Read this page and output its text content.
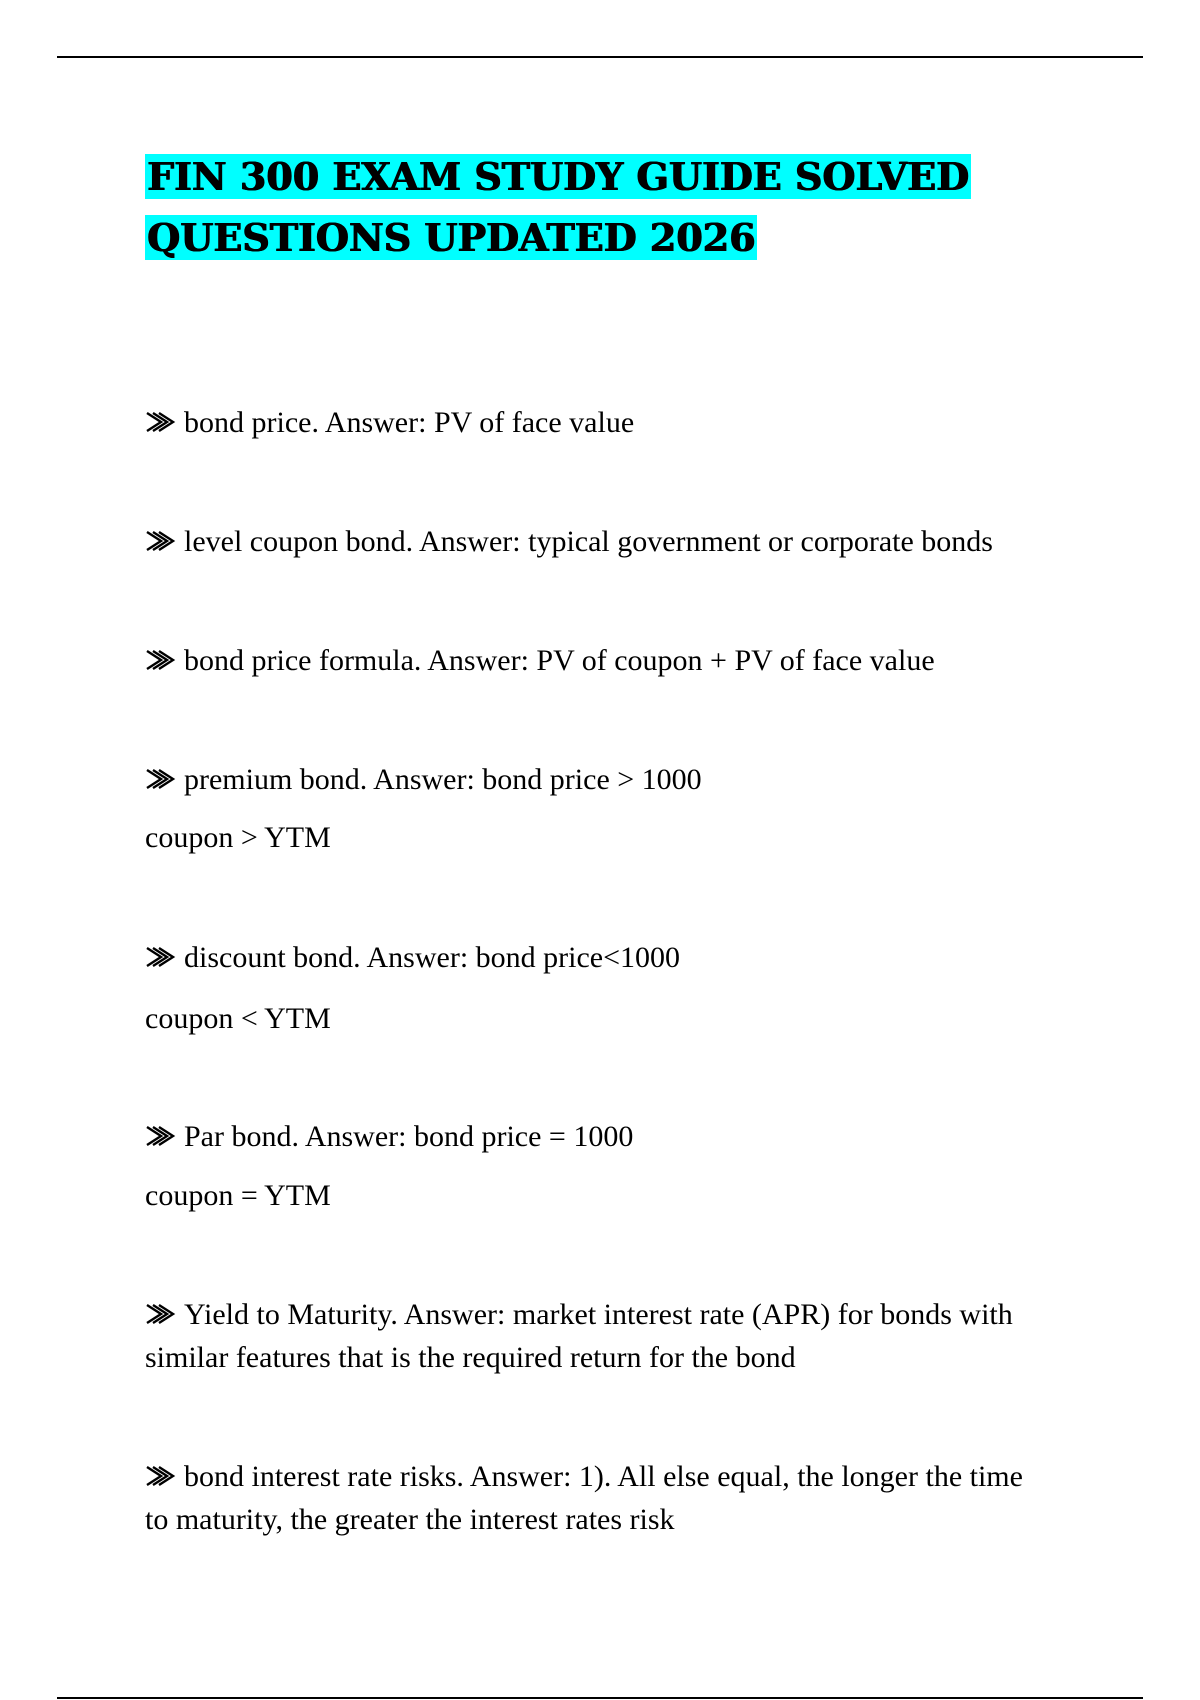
FIN 300 EXAM STUDY GUIDE SOLVED
QUESTIONS UPDATED 2026
bond price. Answer: PV of face value
level coupon bond. Answer: typical government or corporate bonds
bond price formula. Answer: PV of coupon + PV of face value
premium bond. Answer: bond price > 1000
coupon > YTM
discount bond. Answer: bond price<1000
coupon < YTM
Par bond. Answer: bond price = 1000
coupon = YTM
Yield to Maturity. Answer: market interest rate (APR) for bonds with similar features that is the required return for the bond
bond interest rate risks. Answer: 1). All else equal, the longer the time to maturity, the greater the interest rates risk
